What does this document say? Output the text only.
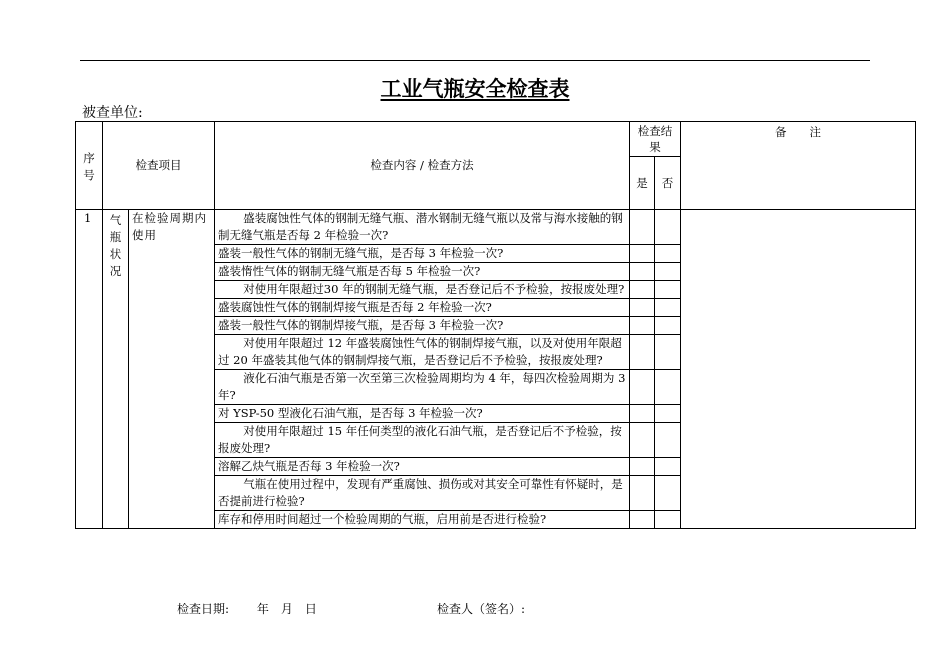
工业气瓶安全检查表
被查单位:
序号	检查项目		检查内容 / 检查方法	检查结果		备　　注
				是	否	
1	气瓶状况	在检验周期内使用	盛装腐蚀性气体的钢制无缝气瓶、潜水钢制无缝气瓶以及常与海水接触的钢制无缝气瓶是否每 2 年检验一次?			
			盛装一般性气体的钢制无缝气瓶，是否每 3 年检验一次?			
			盛装惰性气体的钢制无缝气瓶是否每 5 年检验一次?			
			对使用年限超过30 年的钢制无缝气瓶，是否登记后不予检验，按报废处理?			
			盛装腐蚀性气体的钢制焊接气瓶是否每 2 年检验一次?			
			盛装一般性气体的钢制焊接气瓶，是否每 3 年检验一次?			
			对使用年限超过 12 年盛装腐蚀性气体的钢制焊接气瓶，以及对使用年限超过 20 年盛装其他气体的钢制焊接气瓶，是否登记后不予检验，按报废处理?			
			液化石油气瓶是否第一次至第三次检验周期均为 4 年，每四次检验周期为 3 年?			
			对 YSP-50 型液化石油气瓶，是否每 3 年检验一次?			
			对使用年限超过 15 年任何类型的液化石油气瓶，是否登记后不予检验，按报废处理?			
			溶解乙炔气瓶是否每 3 年检验一次?			
			气瓶在使用过程中，发现有严重腐蚀、损伤或对其安全可靠性有怀疑时，是否提前进行检验?			
			库存和停用时间超过一个检验周期的气瓶，启用前是否进行检验?			
检查日期: 年　月　日	检查人（签名）:
